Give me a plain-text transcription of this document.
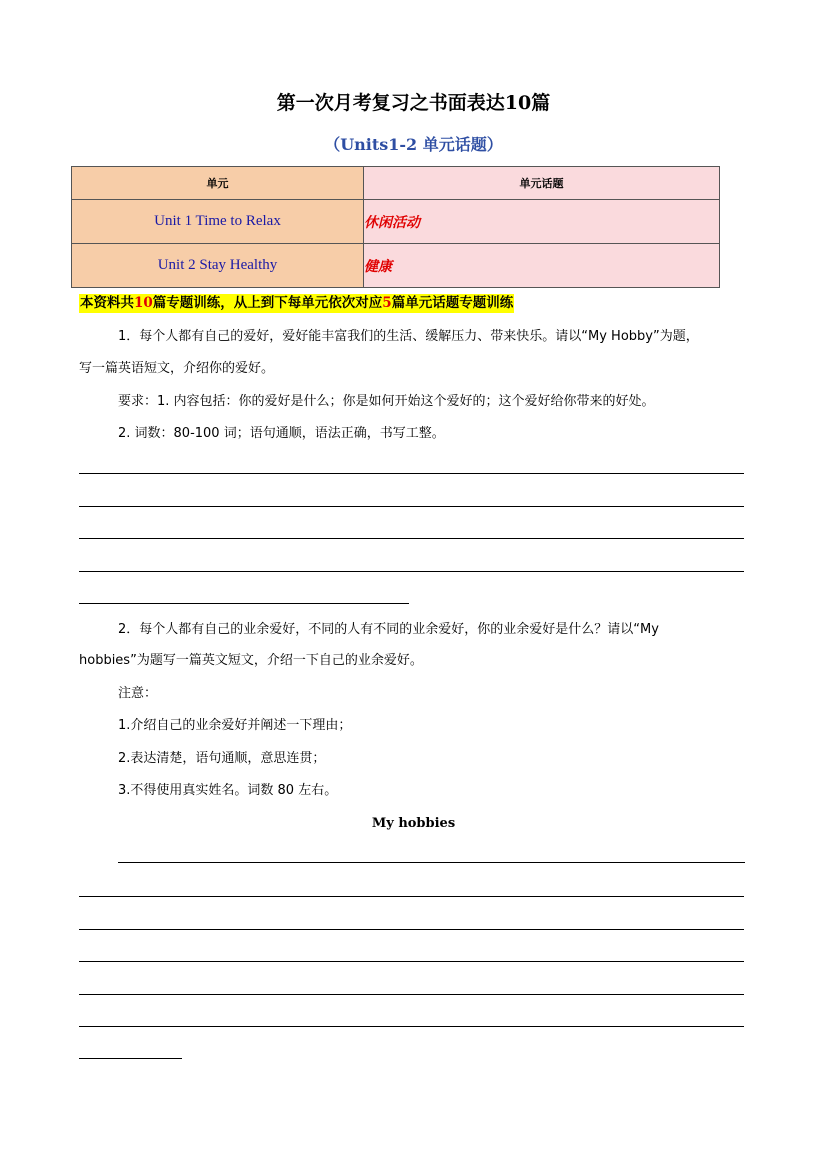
第一次月考复习之书面表达10篇
（Units1-2 单元话题）
单元	单元话题
Unit 1 Time to Relax	休闲活动
Unit 2 Stay Healthy	健康
本资料共10篇专题训练，从上到下每单元依次对应5篇单元话题专题训练
1．每个人都有自己的爱好，爱好能丰富我们的生活、缓解压力、带来快乐。请以“My Hobby”为题，
写一篇英语短文，介绍你的爱好。
要求：1. 内容包括：你的爱好是什么；你是如何开始这个爱好的；这个爱好给你带来的好处。
2. 词数：80-100 词；语句通顺，语法正确，书写工整。
2．每个人都有自己的业余爱好，不同的人有不同的业余爱好，你的业余爱好是什么？请以“My
hobbies”为题写一篇英文短文，介绍一下自己的业余爱好。
注意：
1.介绍自己的业余爱好并阐述一下理由；
2.表达清楚，语句通顺，意思连贯；
3.不得使用真实姓名。词数 80 左右。
My hobbies
